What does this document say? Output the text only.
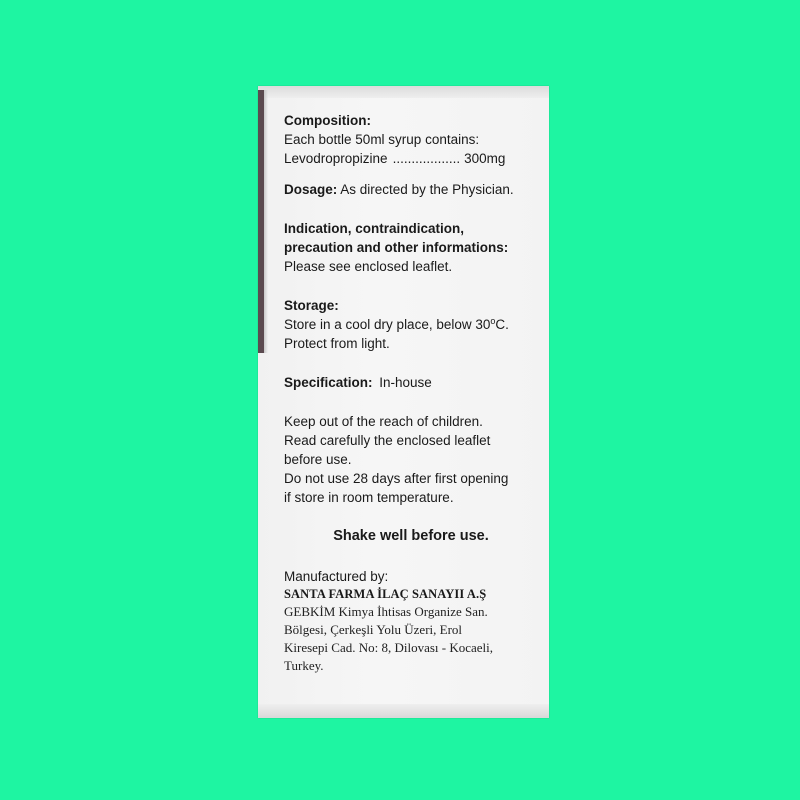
Composition:
Each bottle 50ml syrup contains:
Levodropropizine .................. 300mg
Dosage: As directed by the Physician.
Indication, contraindication,
precaution and other informations:
Please see enclosed leaflet.
Storage:
Store in a cool dry place, below 30$^o$C.
Protect from light.
Specification: In-house
Keep out of the reach of children.
Read carefully the enclosed leaflet
before use.
Do not use 28 days after first opening
if store in room temperature.
Shake well before use.
Manufactured by:
SANTA FARMA İLAÇ SANAYII A.Ş
GEBKİM Kimya İhtisas Organize San.
Bölgesi, Çerkeşli Yolu Üzeri, Erol
Kiresepi Cad. No: 8, Dilovası - Kocaeli,
Turkey.
